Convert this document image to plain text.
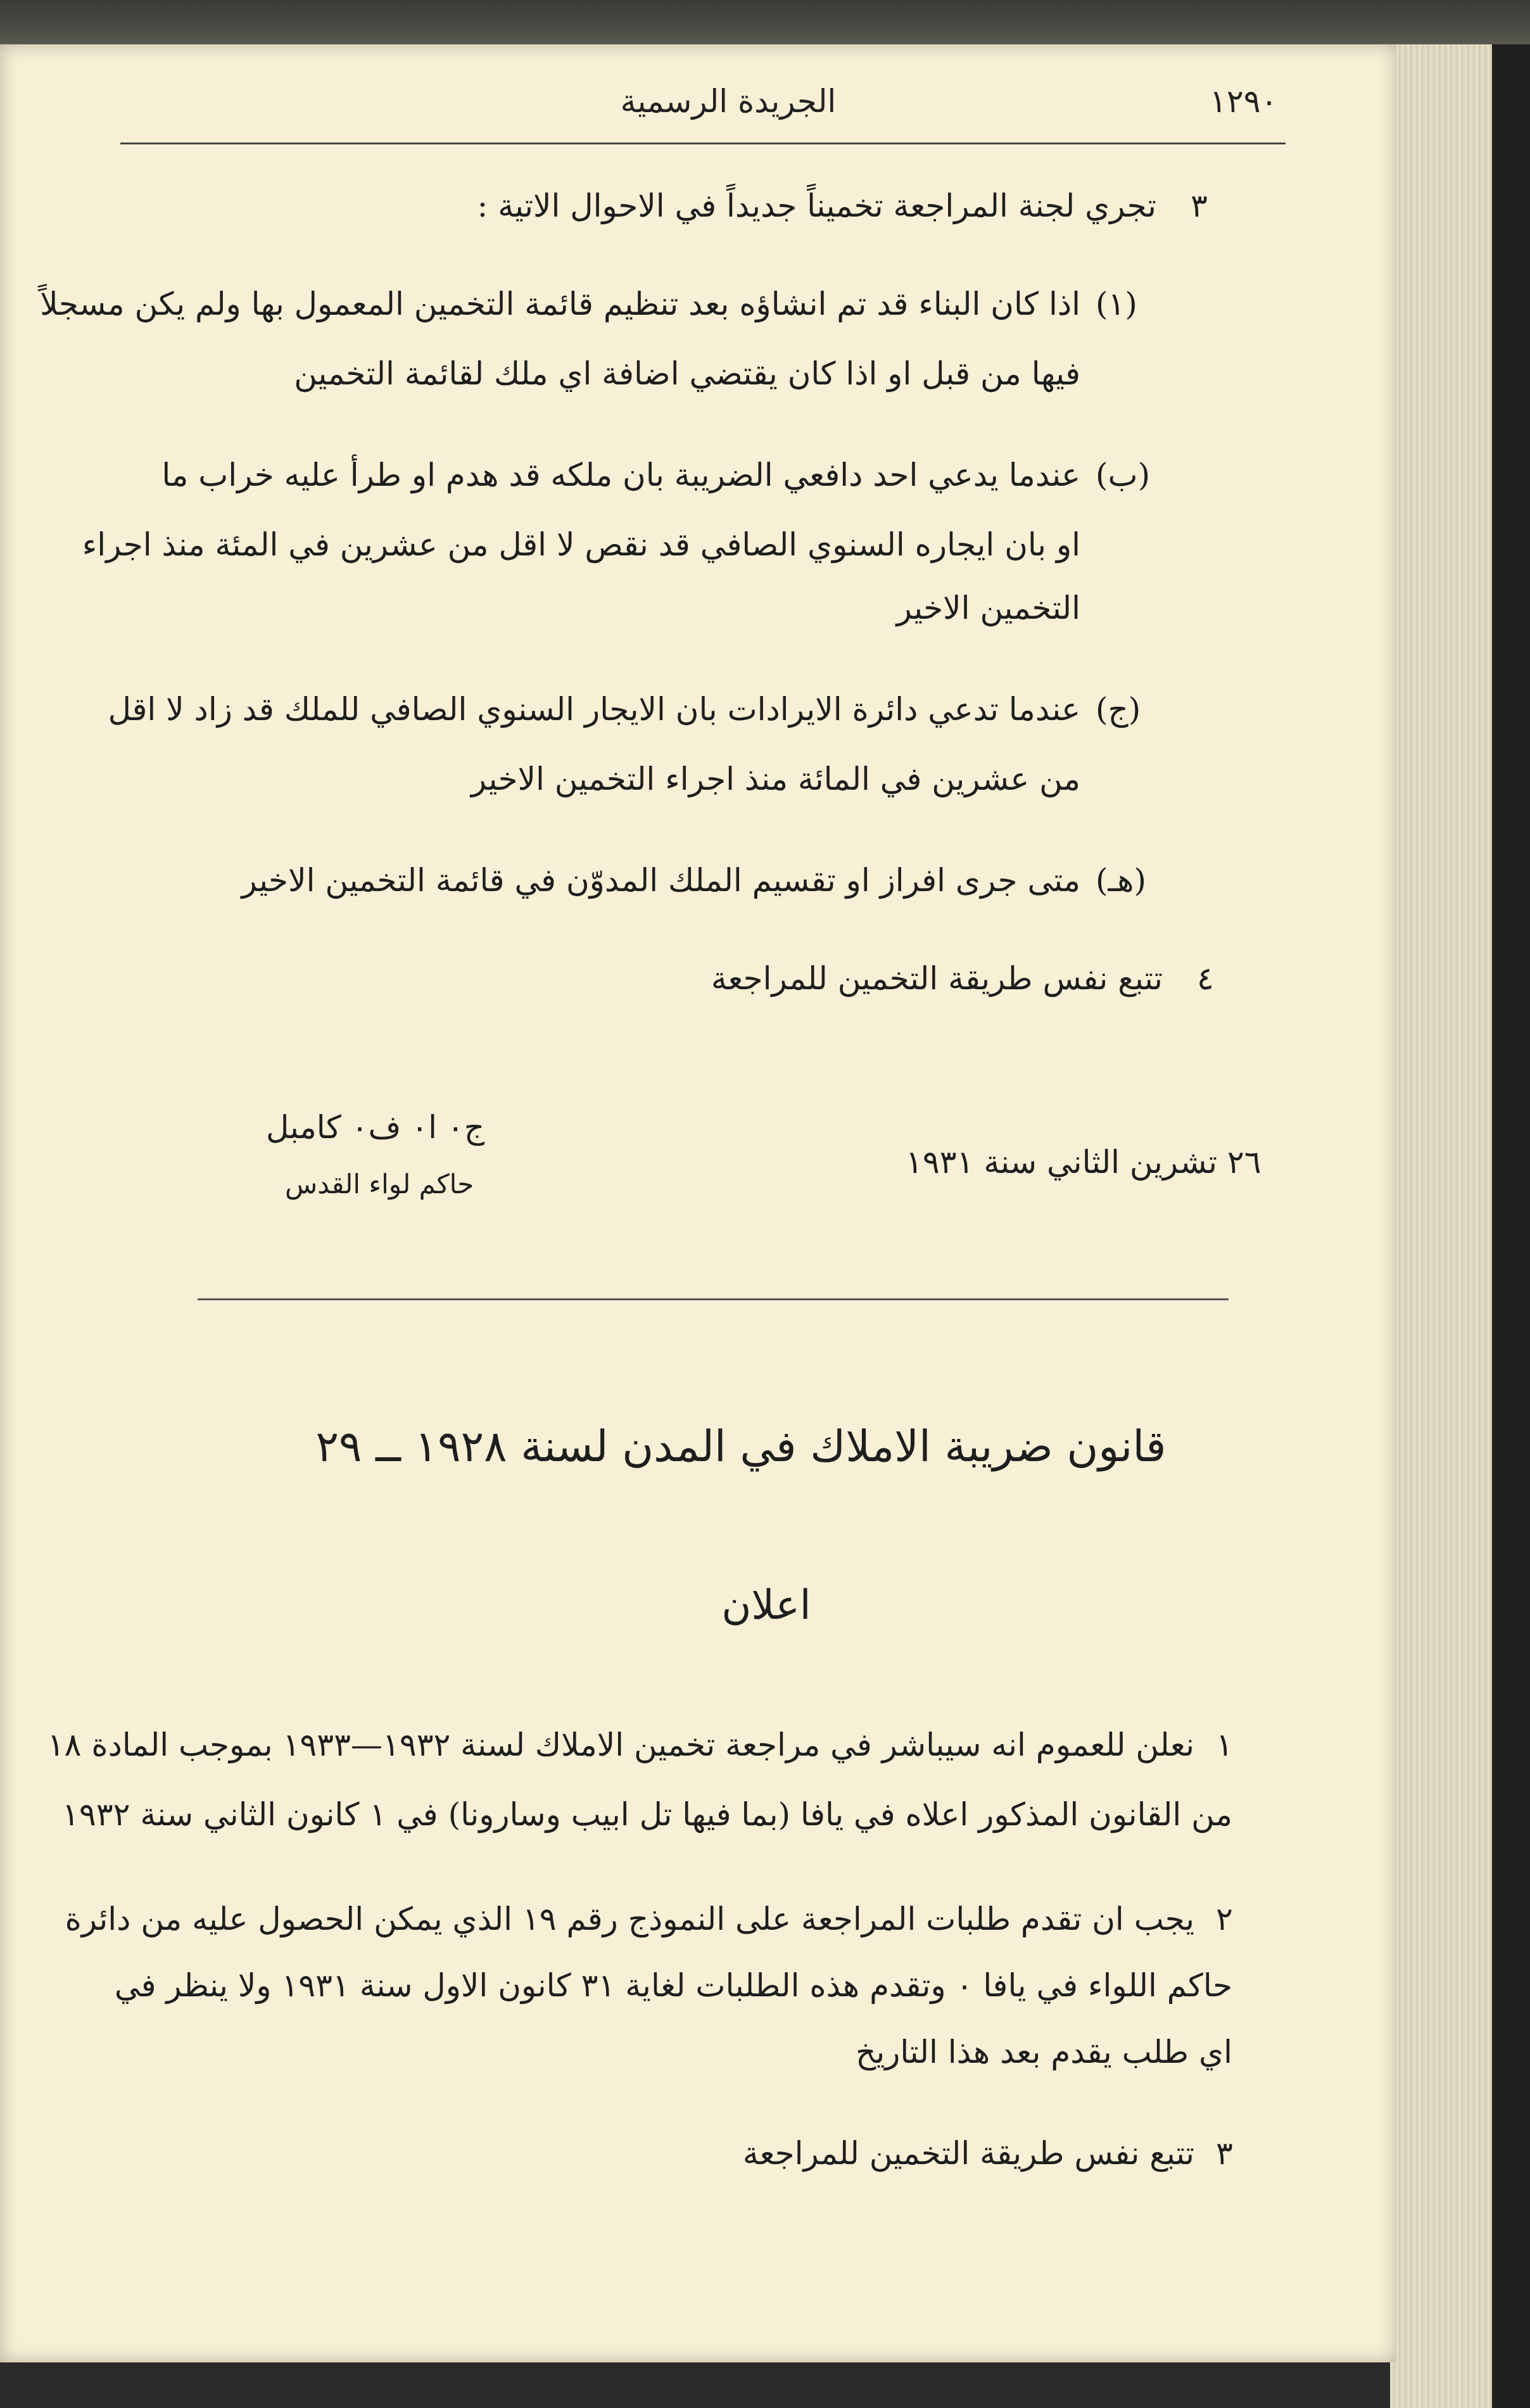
١٢٩٠
الجريدة الرسمية
٣
تجري لجنة المراجعة تخميناً جديداً في الاحوال الاتية :
(١)
اذا كان البناء قد تم انشاؤه بعد تنظيم قائمة التخمين المعمول بها ولم يكن مسجلاً
فيها من قبل او اذا كان يقتضي اضافة اي ملك لقائمة التخمين
(ب)
عندما يدعي احد دافعي الضريبة بان ملكه قد هدم او طرأ عليه خراب ما
او بان ايجاره السنوي الصافي قد نقص لا اقل من عشرين في المئة منذ اجراء
التخمين الاخير
(ج)
عندما تدعي دائرة الايرادات بان الايجار السنوي الصافي للملك قد زاد لا اقل
من عشرين في المائة منذ اجراء التخمين الاخير
(هـ)
متى جرى افراز او تقسيم الملك المدوّن في قائمة التخمين الاخير
٤
تتبع نفس طريقة التخمين للمراجعة
٢٦ تشرين الثاني سنة ١٩٣١
ج٠ ا٠ ف٠ كامبل
حاكم لواء القدس
قانون ضريبة الاملاك في المدن لسنة ١٩٢٨ ــ ٢٩
اعلان
١
نعلن للعموم انه سيباشر في مراجعة تخمين الاملاك لسنة ١٩٣٢—١٩٣٣ بموجب المادة ١٨
من القانون المذكور اعلاه في يافا (بما فيها تل ابيب وسارونا) في ١ كانون الثاني سنة ١٩٣٢
٢
يجب ان تقدم طلبات المراجعة على النموذج رقم ١٩ الذي يمكن الحصول عليه من دائرة
حاكم اللواء في يافا ٠ وتقدم هذه الطلبات لغاية ٣١ كانون الاول سنة ١٩٣١ ولا ينظر في
اي طلب يقدم بعد هذا التاريخ
٣
تتبع نفس طريقة التخمين للمراجعة
